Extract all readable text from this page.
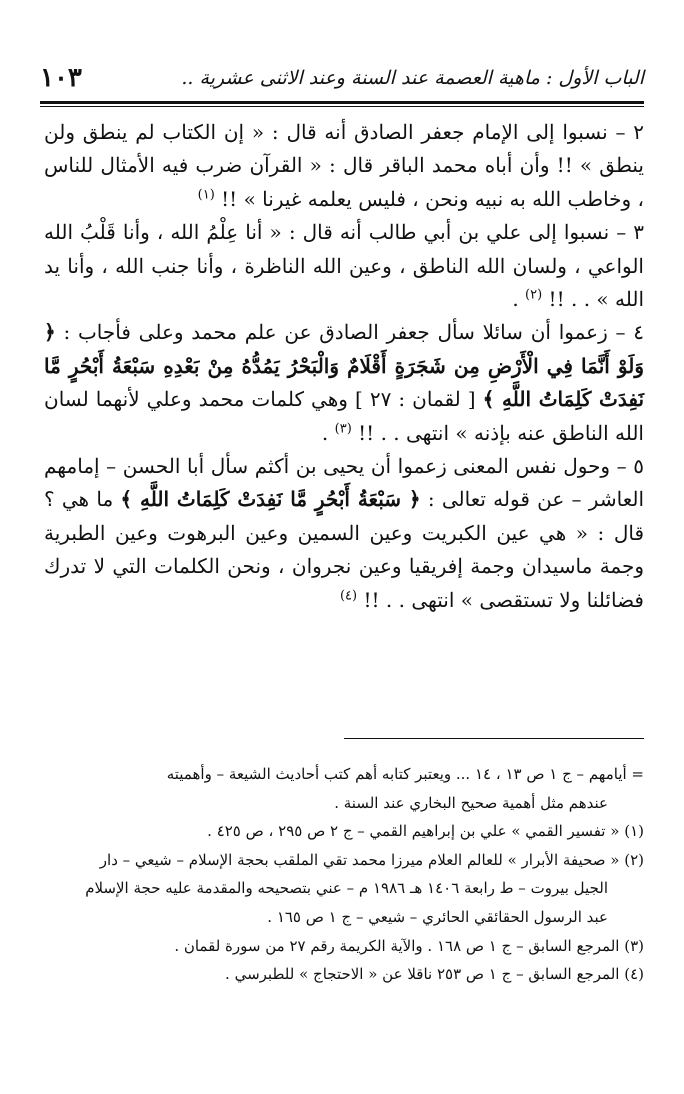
الباب الأول : ماهية العصمة عند السنة وعند الاثنى عشرية ..
١٠٣

٢ – نسبوا إلى الإمام جعفر الصادق أنه قال : « إن الكتاب لم ينطق ولن ينطق » !! وأن أباه محمد الباقر قال : « القرآن ضرب فيه الأمثال للناس ، وخاطب الله به نبيه ونحن ، فليس يعلمه غيرنا » !! $^{(١)}$

٣ – نسبوا إلى علي بن أبي طالب أنه قال : « أنا عِلْمُ الله ، وأنا قَلْبُ الله الواعي ، ولسان الله الناطق ، وعين الله الناظرة ، وأنا جنب الله ، وأنا يد الله » . . !! $^{(٢)}$ .

٤ – زعموا أن سائلا سأل جعفر الصادق عن علم محمد وعلى فأجاب : ﴿ وَلَوْ أَنَّمَا فِي الْأَرْضِ مِن شَجَرَةٍ أَقْلَامٌ وَالْبَحْرُ يَمُدُّهُ مِنْ بَعْدِهِ سَبْعَةُ أَبْحُرٍ مَّا نَفِدَتْ كَلِمَاتُ اللَّهِ ﴾ [ لقمان : ٢٧ ] وهي كلمات محمد وعلي لأنهما لسان الله الناطق عنه بإذنه » انتهى . . !! $^{(٣)}$ .

٥ – وحول نفس المعنى زعموا أن يحيى بن أكثم سأل أبا الحسن – إمامهم العاشر – عن قوله تعالى : ﴿ سَبْعَةُ أَبْحُرٍ مَّا نَفِدَتْ كَلِمَاتُ اللَّهِ ﴾ ما هي ؟ قال : « هي عين الكبريت وعين السمين وعين البرهوت وعين الطبرية وجمة ماسيدان وجمة إفريقيا وعين نجروان ، ونحن الكلمات التي لا تدرك فضائلنا ولا تستقصى » انتهى . . !! $^{(٤)}$

= أيامهم – ج ١ ص ١٣ ، ١٤ ... ويعتبر كتابه أهم كتب أحاديث الشيعة – وأهميته

عندهم مثل أهمية صحيح البخاري عند السنة .

(١) « تفسير القمي » علي بن إبراهيم القمي – ج ٢ ص ٢٩٥ ، ص ٤٢٥ .

(٢) « صحيفة الأبرار » للعالم العلام ميرزا محمد تقي الملقب بحجة الإسلام – شيعي – دار

الجيل بيروت – ط رابعة ١٤٠٦ هـ ١٩٨٦ م – عني بتصحيحه والمقدمة عليه حجة الإسلام

عبد الرسول الحقائقي الحائري – شيعي – ج ١ ص ١٦٥ .

(٣) المرجع السابق – ج ١ ص ١٦٨ . والآية الكريمة رقم ٢٧ من سورة لقمان .

(٤) المرجع السابق – ج ١ ص ٢٥٣ ناقلا عن « الاحتجاج » للطبرسي .
